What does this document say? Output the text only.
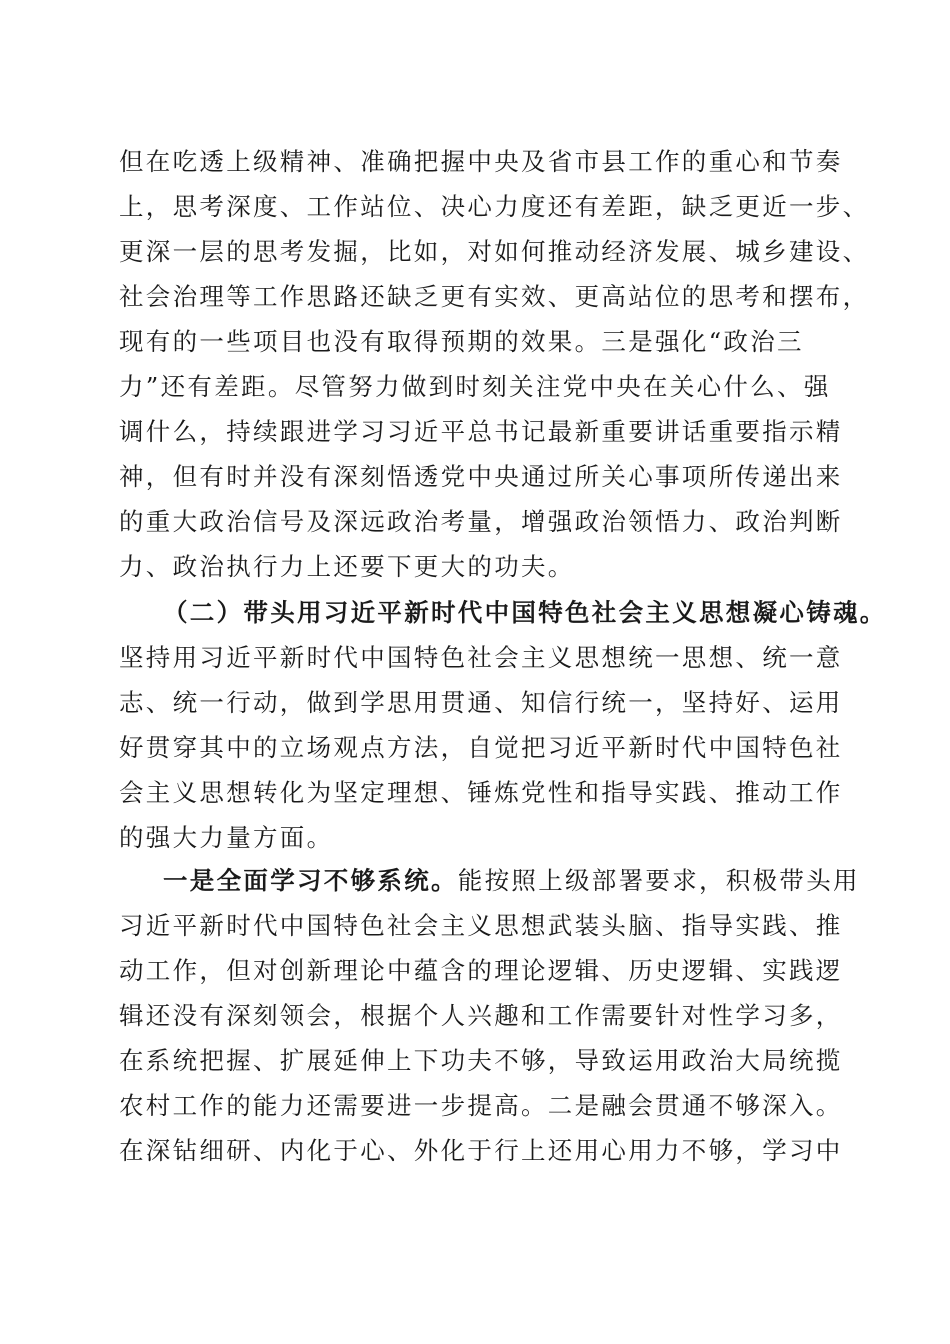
但在吃透上级精神、准确把握中央及省市县工作的重心和节奏
上，思考深度、工作站位、决心力度还有差距，缺乏更近一步、
更深一层的思考发掘，比如，对如何推动经济发展、城乡建设、
社会治理等工作思路还缺乏更有实效、更高站位的思考和摆布，
现有的一些项目也没有取得预期的效果。三是强化“政治三
力”还有差距。尽管努力做到时刻关注党中央在关心什么、强
调什么，持续跟进学习习近平总书记最新重要讲话重要指示精
神，但有时并没有深刻悟透党中央通过所关心事项所传递出来
的重大政治信号及深远政治考量，增强政治领悟力、政治判断
力、政治执行力上还要下更大的功夫。
（二）带头用习近平新时代中国特色社会主义思想凝心铸魂。
坚持用习近平新时代中国特色社会主义思想统一思想、统一意
志、统一行动，做到学思用贯通、知信行统一，坚持好、运用
好贯穿其中的立场观点方法，自觉把习近平新时代中国特色社
会主义思想转化为坚定理想、锤炼党性和指导实践、推动工作
的强大力量方面。
一是全面学习不够系统。能按照上级部署要求，积极带头用
习近平新时代中国特色社会主义思想武装头脑、指导实践、推
动工作，但对创新理论中蕴含的理论逻辑、历史逻辑、实践逻
辑还没有深刻领会，根据个人兴趣和工作需要针对性学习多，
在系统把握、扩展延伸上下功夫不够，导致运用政治大局统揽
农村工作的能力还需要进一步提高。二是融会贯通不够深入。
在深钻细研、内化于心、外化于行上还用心用力不够，学习中
